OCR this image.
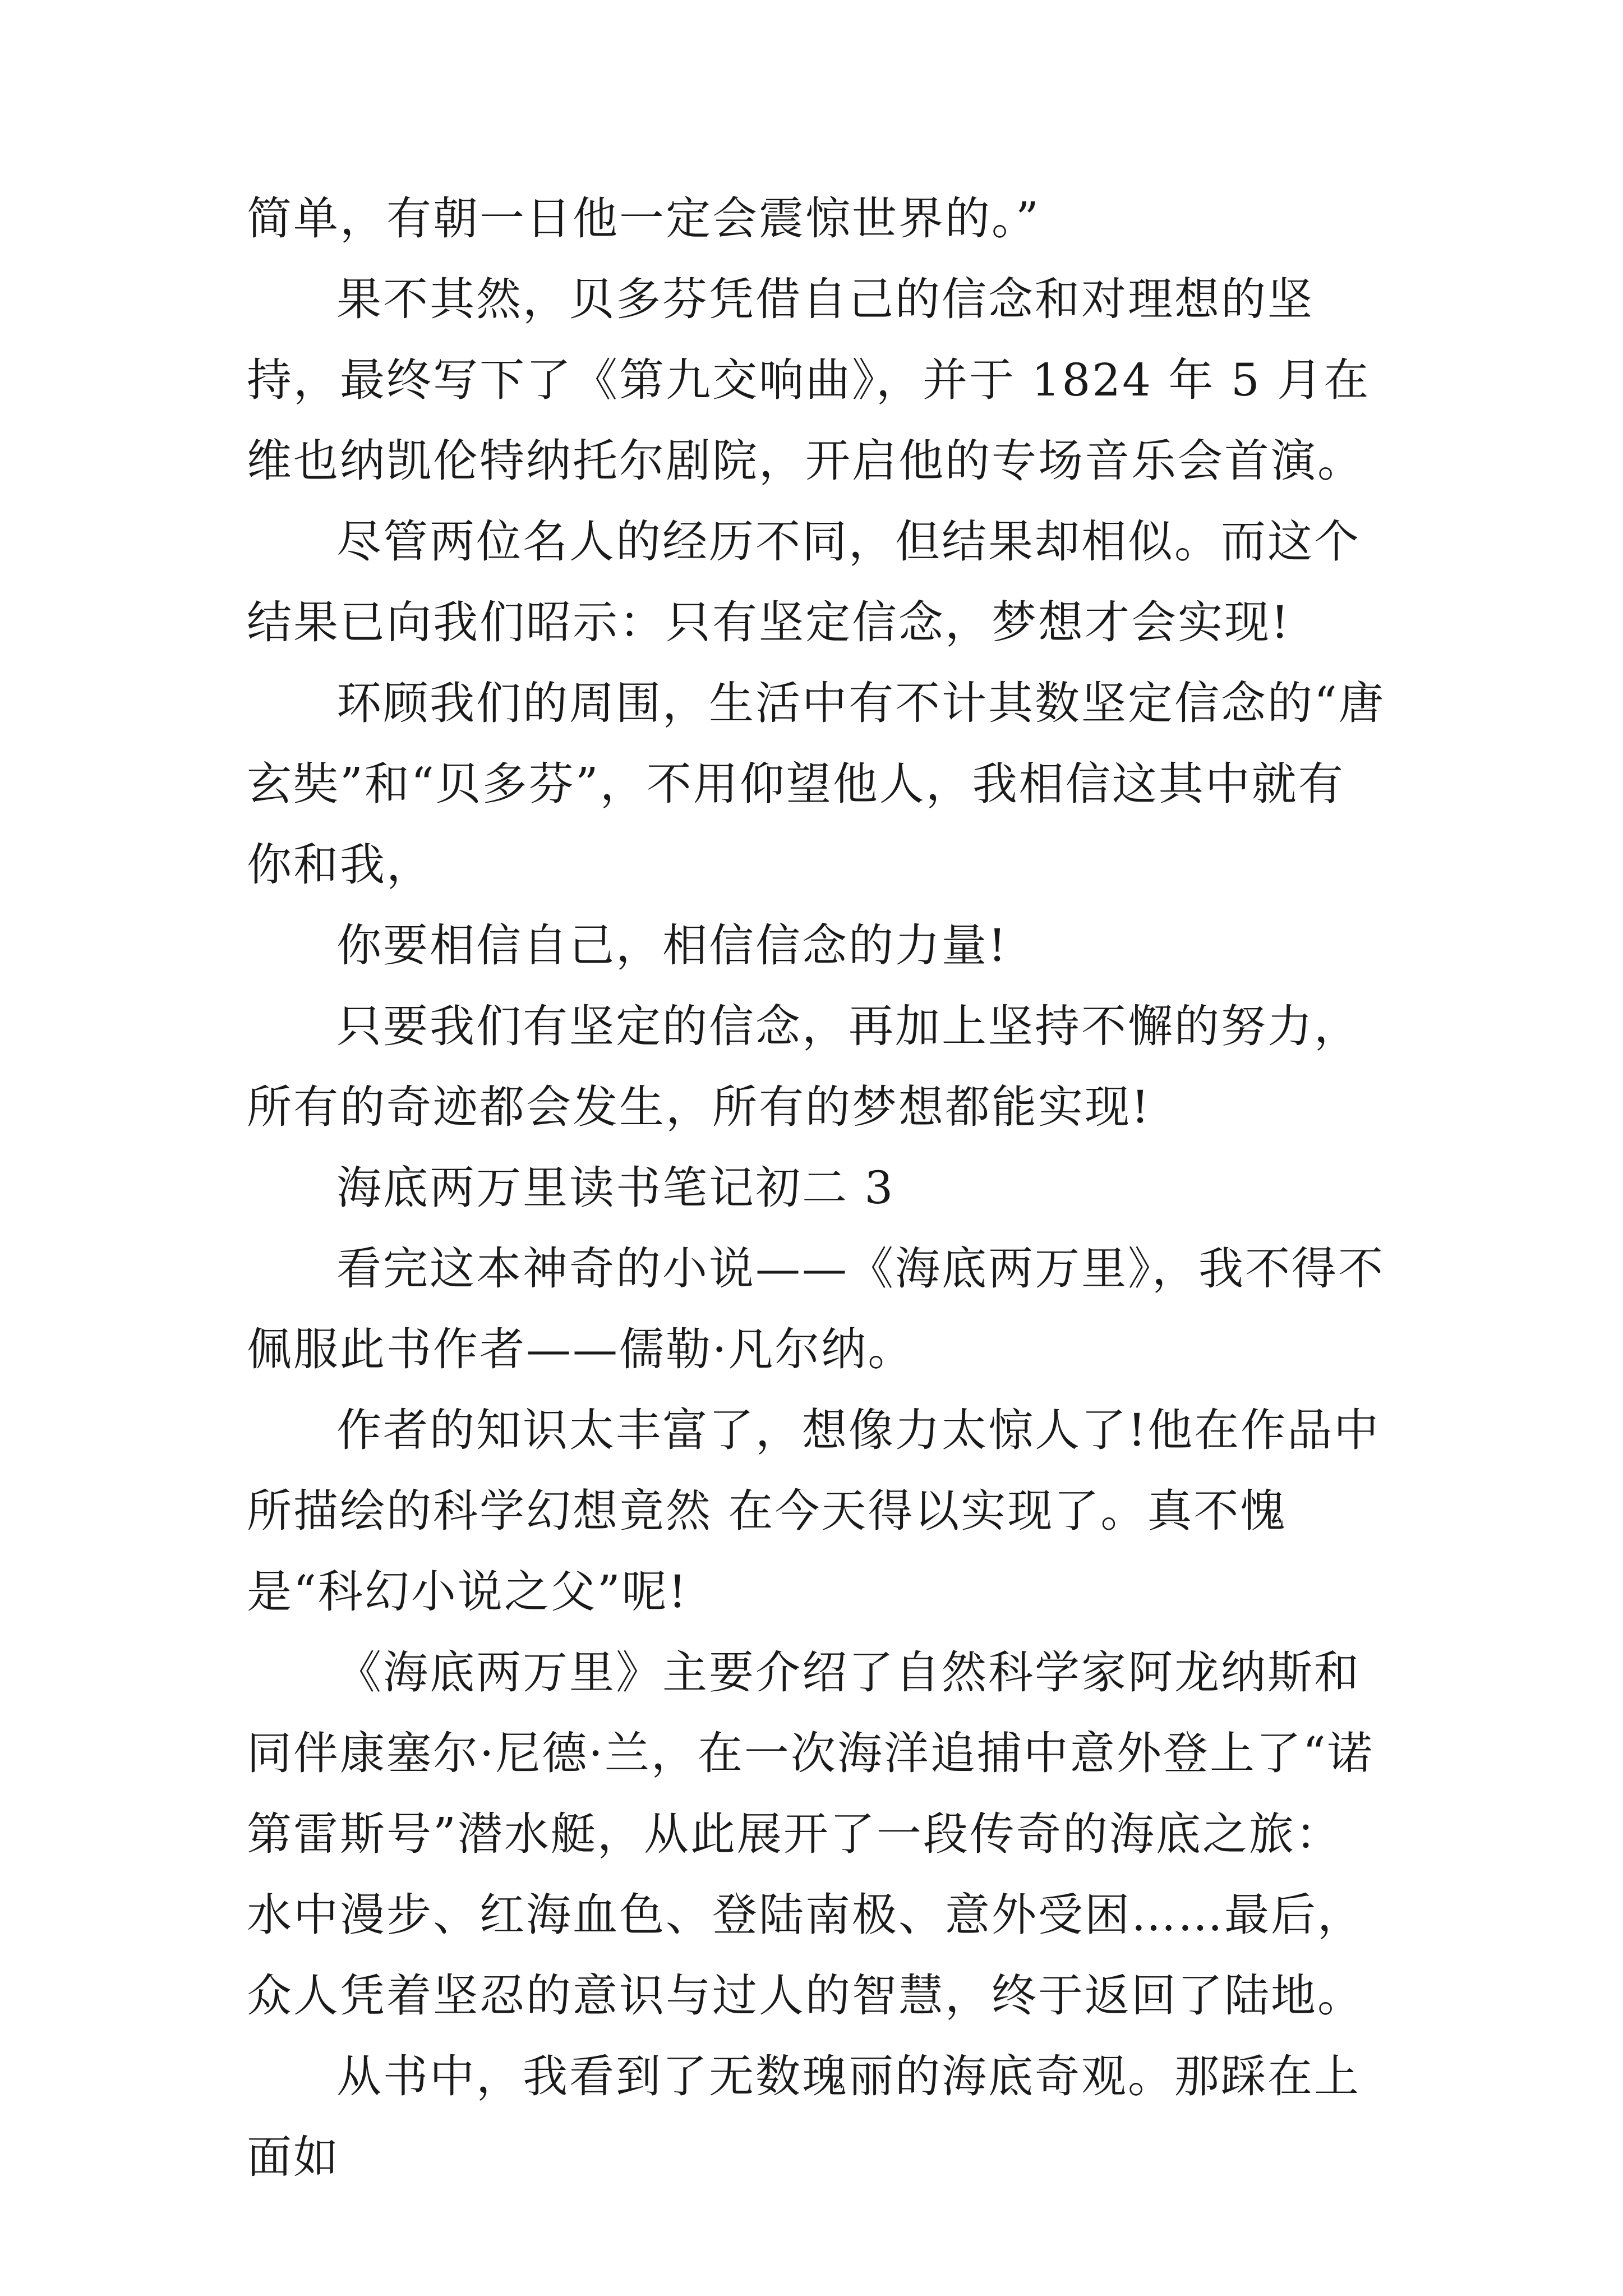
简单，有朝一日他一定会震惊世界的。”

果不其然，贝多芬凭借自己的信念和对理想的坚持，最终写下了《第九交响曲》，并于 1824 年 5 月在维也纳凯伦特纳托尔剧院，开启他的专场音乐会首演。

尽管两位名人的经历不同，但结果却相似。而这个结果已向我们昭示：只有坚定信念，梦想才会实现!

环顾我们的周围，生活中有不计其数坚定信念的“唐玄奘”和“贝多芬”，不用仰望他人，我相信这其中就有你和我，

你要相信自己，相信信念的力量!

只要我们有坚定的信念，再加上坚持不懈的努力，所有的奇迹都会发生，所有的梦想都能实现!

海底两万里读书笔记初二 3

看完这本神奇的小说——《海底两万里》，我不得不佩服此书作者——儒勒·凡尔纳。

作者的知识太丰富了，想像力太惊人了!他在作品中所描绘的科学幻想竟然 在今天得以实现了。真不愧是“科幻小说之父”呢!

《海底两万里》主要介绍了自然科学家阿龙纳斯和同伴康塞尔·尼德·兰，在一次海洋追捕中意外登上了“诺第雷斯号”潜水艇，从此展开了一段传奇的海底之旅：水中漫步、红海血色、登陆南极、意外受困……最后，众人凭着坚忍的意识与过人的智慧，终于返回了陆地。

从书中，我看到了无数瑰丽的海底奇观。那踩在上面如
